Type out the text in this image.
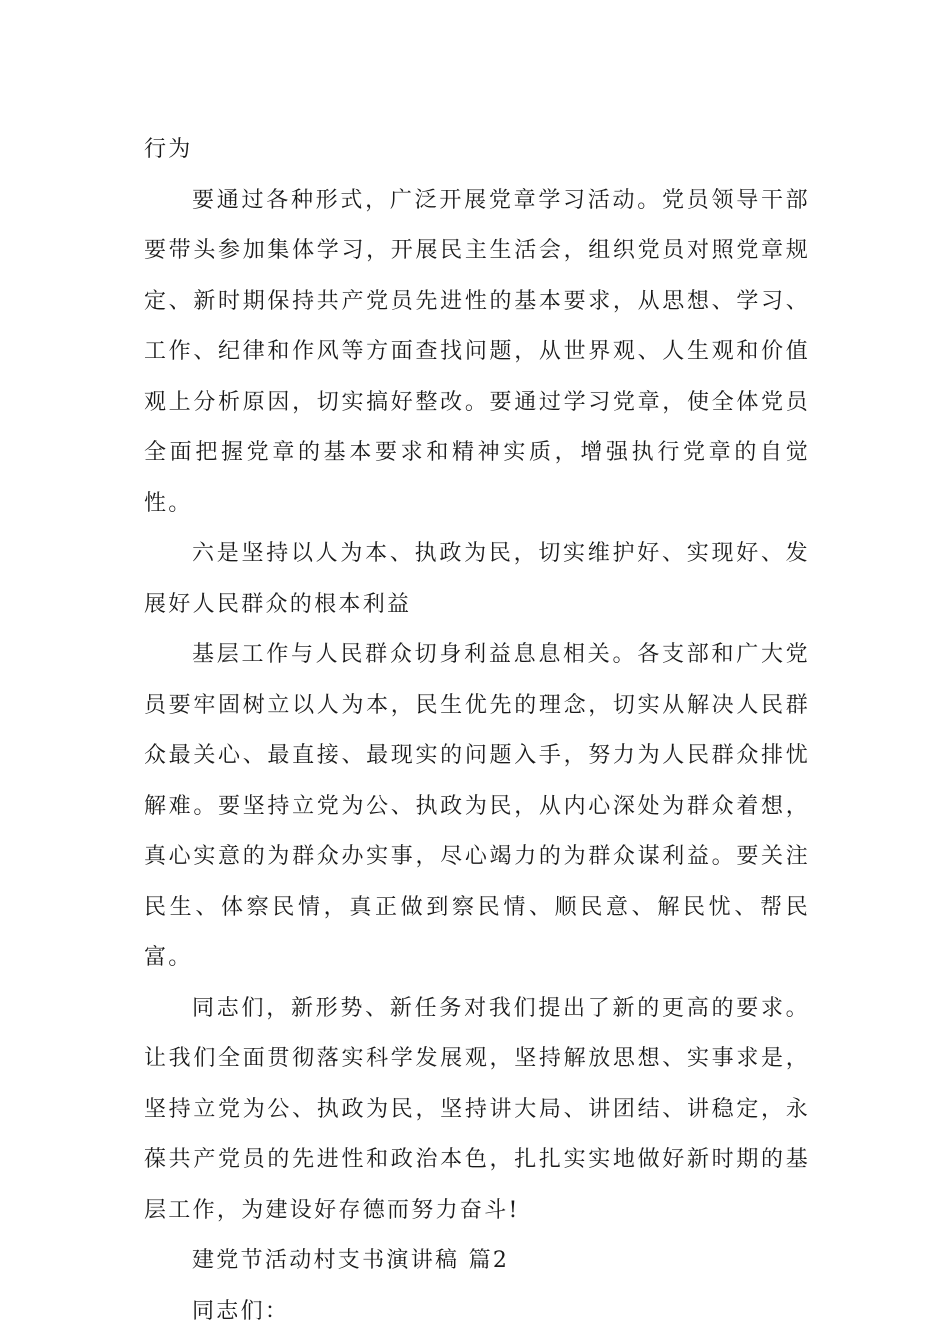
行为

要通过各种形式，广泛开展党章学习活动。党员领导干部要带头参加集体学习，开展民主生活会，组织党员对照党章规定、新时期保持共产党员先进性的基本要求，从思想、学习、工作、纪律和作风等方面查找问题，从世界观、人生观和价值观上分析原因，切实搞好整改。要通过学习党章，使全体党员全面把握党章的基本要求和精神实质，增强执行党章的自觉性。

六是坚持以人为本、执政为民，切实维护好、实现好、发展好人民群众的根本利益

基层工作与人民群众切身利益息息相关。各支部和广大党员要牢固树立以人为本，民生优先的理念，切实从解决人民群众最关心、最直接、最现实的问题入手，努力为人民群众排忧解难。要坚持立党为公、执政为民，从内心深处为群众着想，真心实意的为群众办实事，尽心竭力的为群众谋利益。要关注民生、体察民情，真正做到察民情、顺民意、解民忧、帮民富。

同志们，新形势、新任务对我们提出了新的更高的要求。让我们全面贯彻落实科学发展观，坚持解放思想、实事求是，坚持立党为公、执政为民，坚持讲大局、讲团结、讲稳定，永葆共产党员的先进性和政治本色，扎扎实实地做好新时期的基层工作，为建设好存德而努力奋斗!

建党节活动村支书演讲稿 篇2

同志们：
